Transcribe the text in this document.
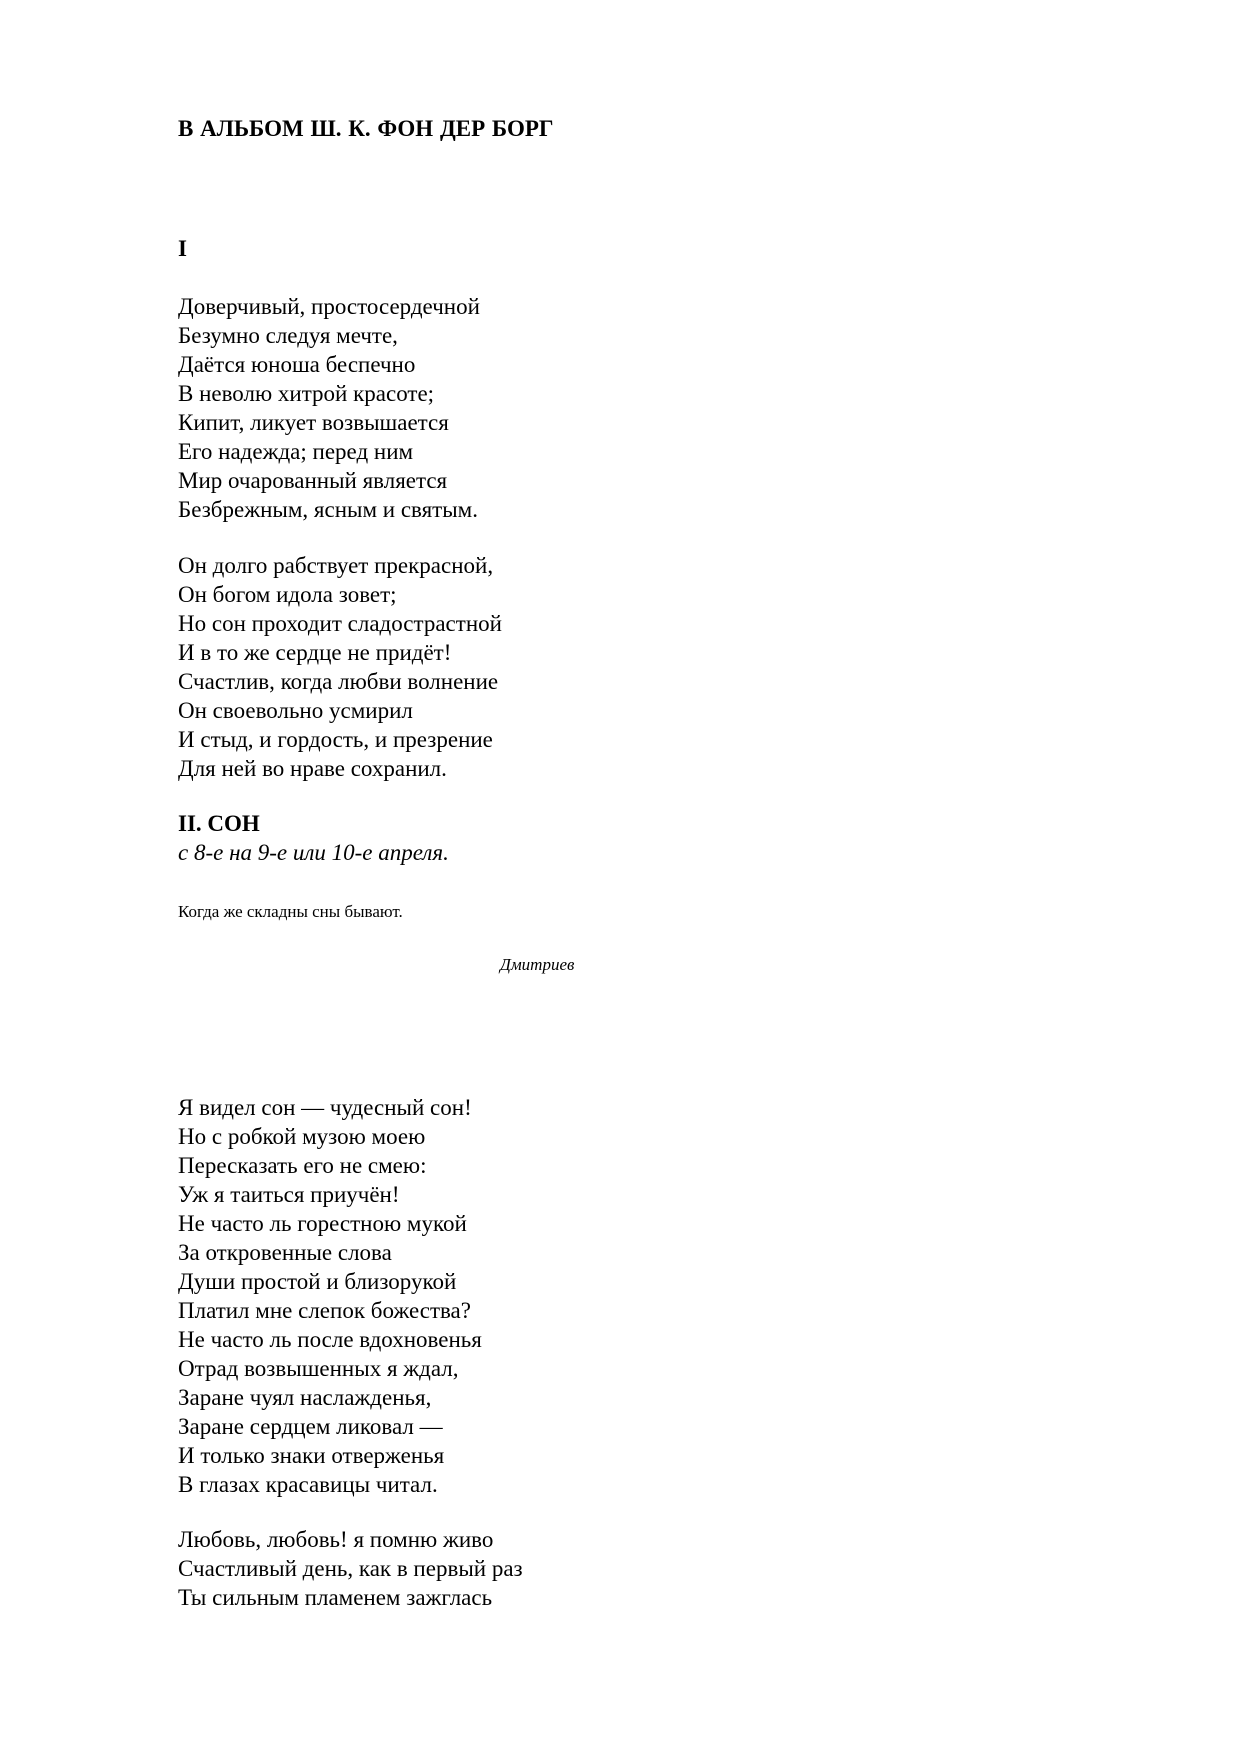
В АЛЬБОМ Ш. К. ФОН ДЕР БОРГ
I
Доверчивый, простосердечной
Безумно следуя мечте,
Даётся юноша беспечно
В неволю хитрой красоте;
Кипит, ликует возвышается
Его надежда; перед ним
Мир очарованный является
Безбрежным, ясным и святым.
Он долго рабствует прекрасной,
Он богом идола зовет;
Но сон проходит сладострастной
И в то же сердце не придёт!
Счастлив, когда любви волнение
Он своевольно усмирил
И стыд, и гордость, и презрение
Для ней во нраве сохранил.
II. СОН
с 8-е на 9-е или 10-е апреля.
Когда же складны сны бывают.
Дмитриев
Я видел сон — чудесный сон!
Но с робкой музою моею
Пересказать его не смею:
Уж я таиться приучён!
Не часто ль горестною мукой
За откровенные слова
Души простой и близорукой
Платил мне слепок божества?
Не часто ль после вдохновенья
Отрад возвышенных я ждал,
Заране чуял наслажденья,
Заране сердцем ликовал —
И только знаки отверженья
В глазах красавицы читал.
Любовь, любовь! я помню живо
Счастливый день, как в первый раз
Ты сильным пламенем зажглась
